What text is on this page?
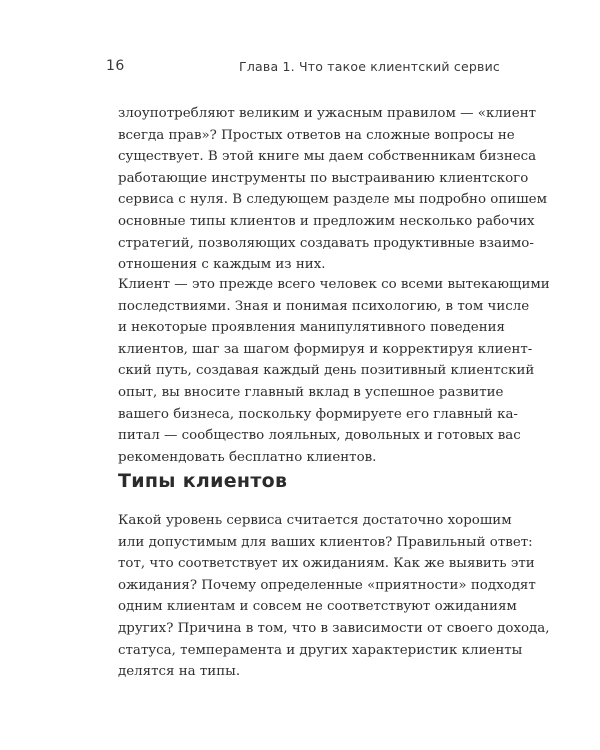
16	Глава 1. Что такое клиентский сервис

злоупотребляют великим и ужасным правилом — «клиент
всегда прав»? Простых ответов на сложные вопросы не
существует. В этой книге мы даем собственникам бизнеса
работающие инструменты по выстраиванию клиентского
сервиса с нуля. В следующем разделе мы подробно опишем
основные типы клиентов и предложим несколько рабочих
стратегий, позволяющих создавать продуктивные взаимо-
отношения с каждым из них.

Клиент — это прежде всего человек со всеми вытекающими
последствиями. Зная и понимая психологию, в том числе
и некоторые проявления манипулятивного поведения
клиентов, шаг за шагом формируя и корректируя клиент-
ский путь, создавая каждый день позитивный клиентский
опыт, вы вносите главный вклад в успешное развитие
вашего бизнеса, поскольку формируете его главный ка-
питал — сообщество лояльных, довольных и готовых вас
рекомендовать бесплатно клиентов.

Типы клиентов

Какой уровень сервиса считается достаточно хорошим
или допустимым для ваших клиентов? Правильный ответ:
тот, что соответствует их ожиданиям. Как же выявить эти
ожидания? Почему определенные «приятности» подходят
одним клиентам и совсем не соответствуют ожиданиям
других? Причина в том, что в зависимости от своего дохода,
статуса, темперамента и других характеристик клиенты
делятся на типы.
